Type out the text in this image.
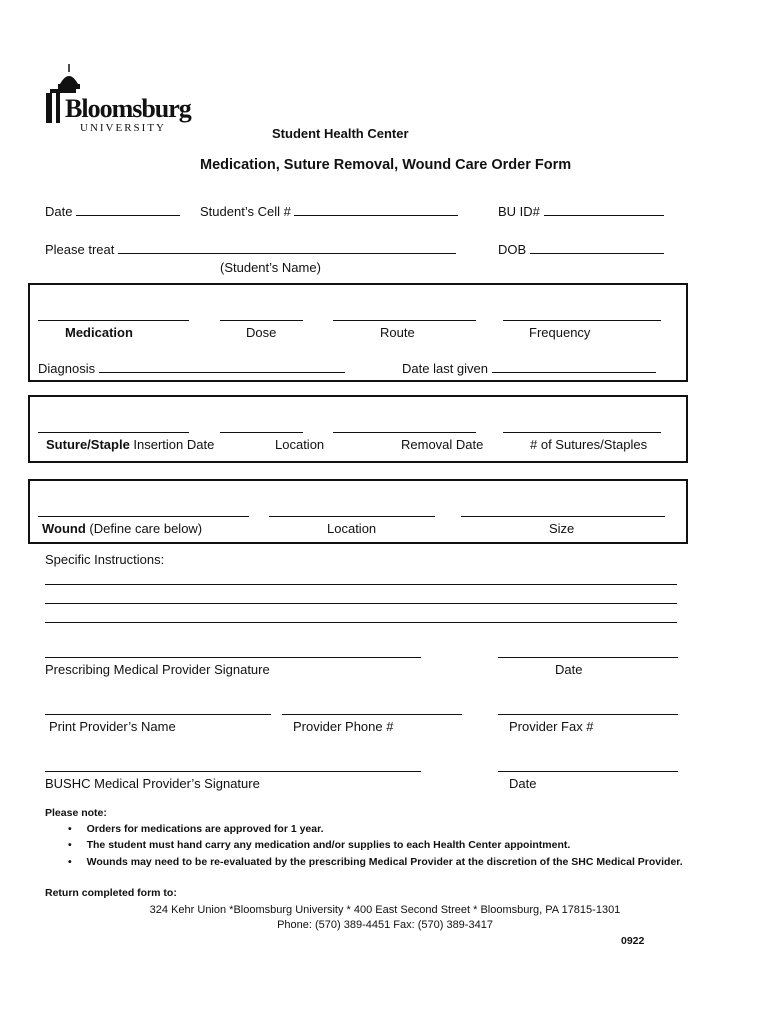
Bloomsburg
UNIVERSITY	Student Health Center
Medication, Suture Removal, Wound Care Order Form
Date	Student’s Cell #	BU ID#
Please treat	DOB
(Student’s Name)
Medication	Dose	Route	Frequency
Diagnosis	Date last given
Suture/Staple Insertion Date	Location	Removal Date	# of Sutures/Staples
Wound (Define care below)	Location	Size
Specific Instructions:
Prescribing Medical Provider Signature	Date
Print Provider’s Name	Provider Phone #	Provider Fax #
BUSHC Medical Provider’s Signature	Date
Please note:
• Orders for medications are approved for 1 year.
• The student must hand carry any medication and/or supplies to each Health Center appointment.
• Wounds may need to be re-evaluated by the prescribing Medical Provider at the discretion of the SHC Medical Provider.
Return completed form to:
324 Kehr Union *Bloomsburg University * 400 East Second Street * Bloomsburg, PA 17815-1301
Phone: (570) 389-4451 Fax: (570) 389-3417
0922
